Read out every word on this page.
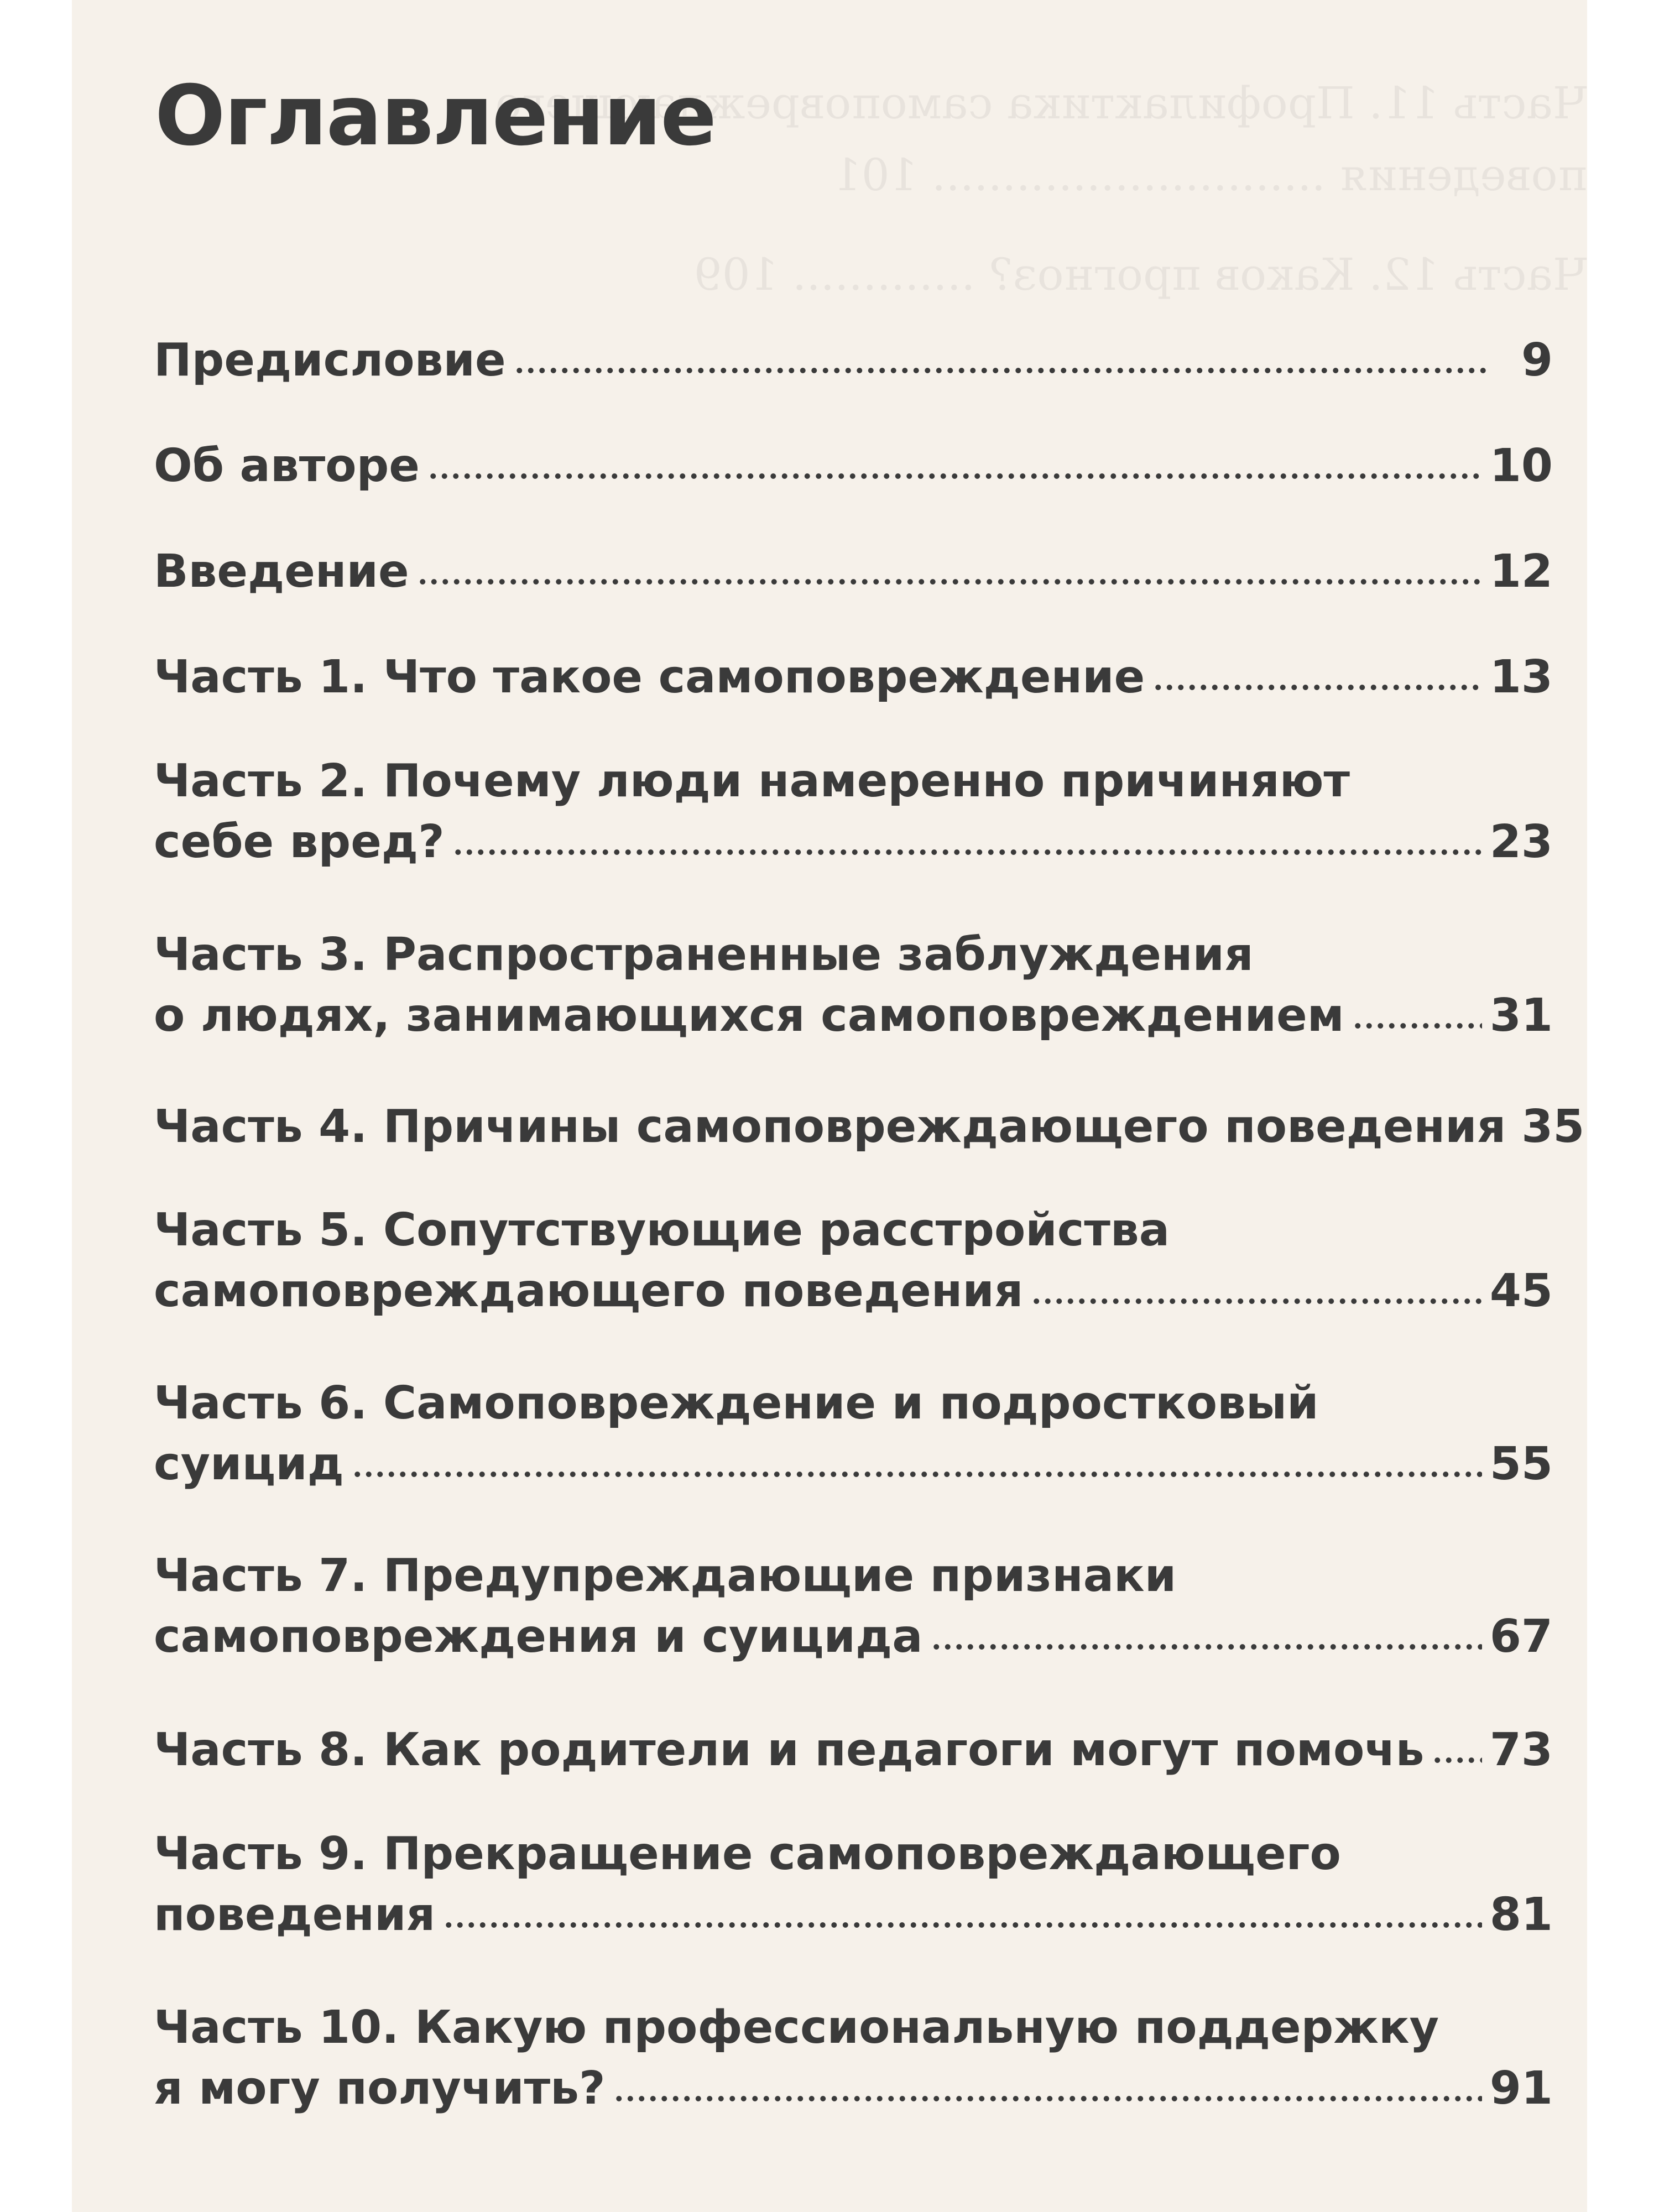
Часть 11. Профилактика самоповреждающего
поведения ............................ 101
Часть 12. Каков прогноз? ............. 109
Оглавление
Предисловие	9
Об авторе	10
Введение	12
Часть 1. Что такое самоповреждение	13
Часть 2. Почему люди намеренно причиняют
себе вред?	23
Часть 3. Распространенные заблуждения
о людях, занимающихся самоповреждением	31
Часть 4. Причины самоповреждающего поведения 35
Часть 5. Сопутствующие расстройства
самоповреждающего поведения	45
Часть 6. Самоповреждение и подростковый
суицид	55
Часть 7. Предупреждающие признаки
самоповреждения и суицида	67
Часть 8. Как родители и педагоги могут помочь 73
Часть 9. Прекращение самоповреждающего
поведения	81
Часть 10. Какую профессиональную поддержку
я могу получить?	91
